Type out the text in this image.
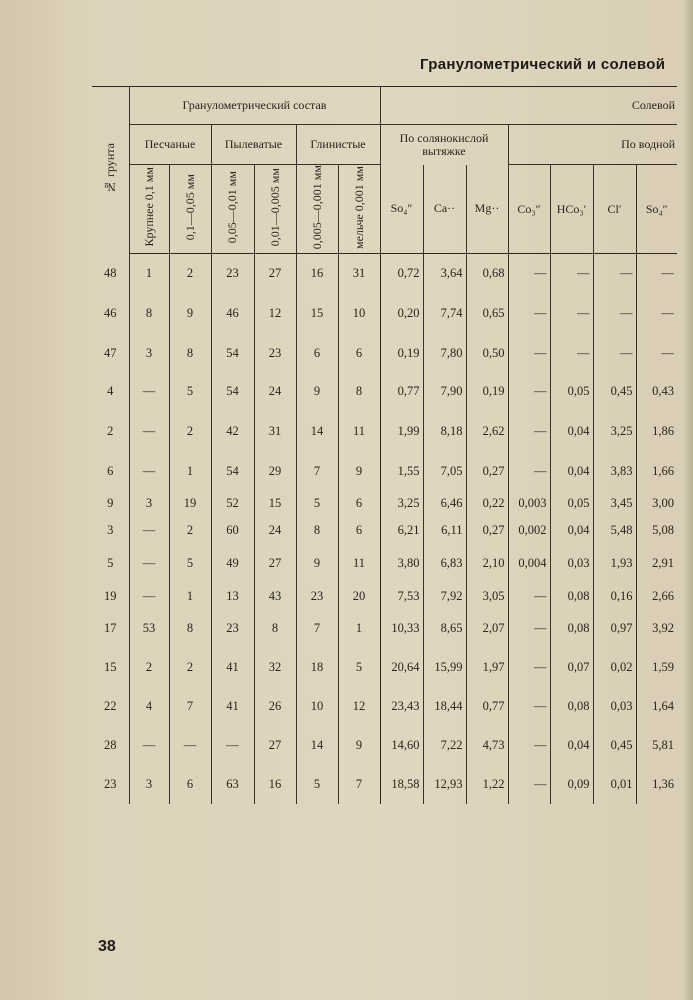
Гранулометрический и солевой
№ грунта	Гранулометрический состав						Солевой						
	Песчаные		Пылеватые		Глинистые		По солянокислой вытяжке			По водной			
	Крупнее 0,1 мм	0,1—0,05 мм	0,05—0,01 мм	0,01—0,005 мм	0,005—0,001 мм	мельче 0,001 мм	So₄″	Ca··	Mg··	Co₃″	HCo₃′	Cl′	So₄″
48	1	2	23	27	16	31	0,72	3,64	0,68	—	—	—	—
46	8	9	46	12	15	10	0,20	7,74	0,65	—	—	—	—
47	3	8	54	23	6	6	0,19	7,80	0,50	—	—	—	—
4	—	5	54	24	9	8	0,77	7,90	0,19	—	0,05	0,45	0,43
2	—	2	42	31	14	11	1,99	8,18	2,62	—	0,04	3,25	1,86
6	—	1	54	29	7	9	1,55	7,05	0,27	—	0,04	3,83	1,66
9	3	19	52	15	5	6	3,25	6,46	0,22	0,003	0,05	3,45	3,00
3	—	2	60	24	8	6	6,21	6,11	0,27	0,002	0,04	5,48	5,08
5	—	5	49	27	9	11	3,80	6,83	2,10	0,004	0,03	1,93	2,91
19	—	1	13	43	23	20	7,53	7,92	3,05	—	0,08	0,16	2,66
17	53	8	23	8	7	1	10,33	8,65	2,07	—	0,08	0,97	3,92
15	2	2	41	32	18	5	20,64	15,99	1,97	—	0,07	0,02	1,59
22	4	7	41	26	10	12	23,43	18,44	0,77	—	0,08	0,03	1,64
28	—	—	—	27	14	9	14,60	7,22	4,73	—	0,04	0,45	5,81
23	3	6	63	16	5	7	18,58	12,93	1,22	—	0,09	0,01	1,36
38
